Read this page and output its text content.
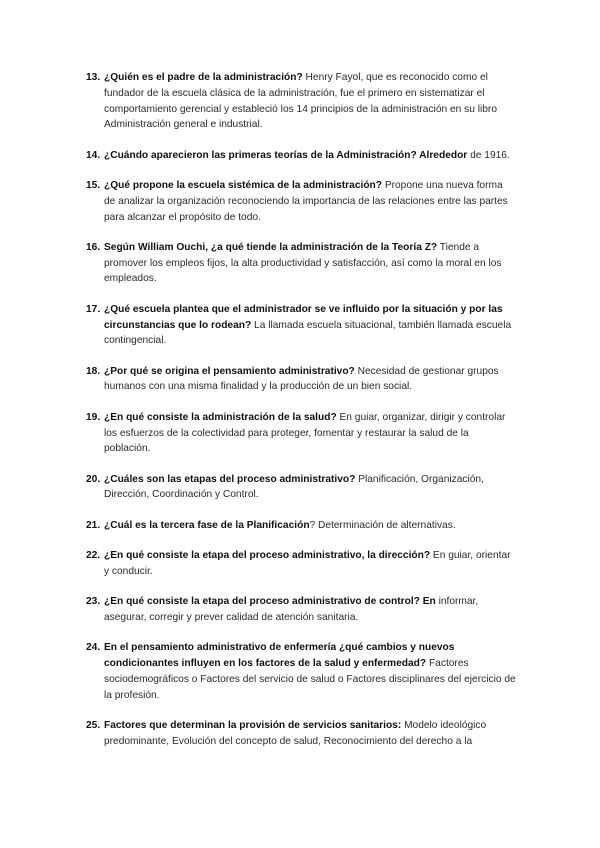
13. ¿Quién es el padre de la administración? Henry Fayol, que es reconocido como el fundador de la escuela clásica de la administración, fue el primero en sistematizar el comportamiento gerencial y estableció los 14 principios de la administración en su libro Administración general e industrial.
14. ¿Cuándo aparecieron las primeras teorías de la Administración? Alrededor de 1916.
15. ¿Qué propone la escuela sistémica de la administración? Propone una nueva forma de analizar la organización reconociendo la importancia de las relaciones entre las partes para alcanzar el propósito de todo.
16. Según William Ouchi, ¿a qué tiende la administración de la Teoría Z? Tiende a promover los empleos fijos, la alta productividad y satisfacción, así como la moral en los empleados.
17. ¿Qué escuela plantea que el administrador se ve influido por la situación y por las circunstancias que lo rodean? La llamada escuela situacional, también llamada escuela contingencial.
18. ¿Por qué se origina el pensamiento administrativo? Necesidad de gestionar grupos humanos con una misma finalidad y la producción de un bien social.
19. ¿En qué consiste la administración de la salud? En guiar, organizar, dirigir y controlar los esfuerzos de la colectividad para proteger, fomentar y restaurar la salud de la población.
20. ¿Cuáles son las etapas del proceso administrativo? Planificación, Organización, Dirección, Coordinación y Control.
21. ¿Cuál es la tercera fase de la Planificación? Determinación de alternativas.
22. ¿En qué consiste la etapa del proceso administrativo, la dirección? En guiar, orientar y conducir.
23. ¿En qué consiste la etapa del proceso administrativo de control? En informar, asegurar, corregir y prever calidad de atención sanitaria.
24. En el pensamiento administrativo de enfermería ¿qué cambios y nuevos condicionantes influyen en los factores de la salud y enfermedad? Factores sociodemográficos o Factores del servicio de salud o Factores disciplinares del ejercicio de la profesión.
25. Factores que determinan la provisión de servicios sanitarios: Modelo ideológico predominante, Evolución del concepto de salud, Reconocimiento del derecho a la
